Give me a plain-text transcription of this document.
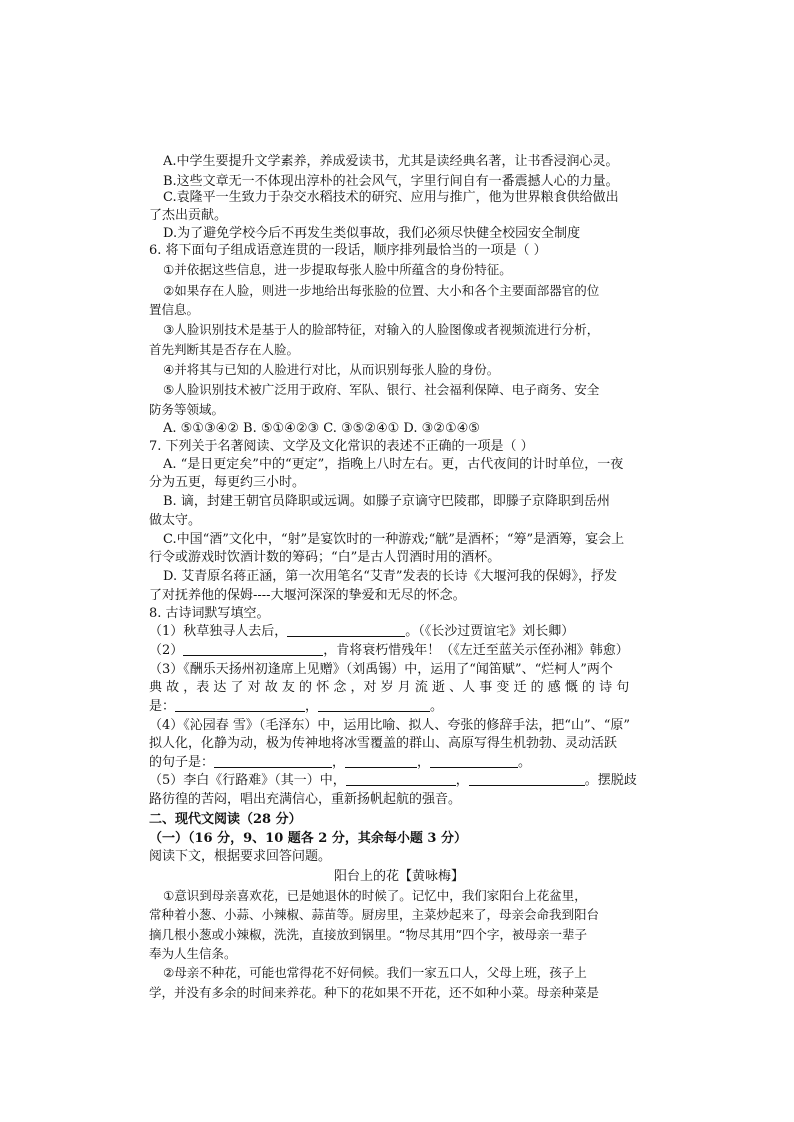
A.中学生要提升文学素养，养成爱读书，尤其是读经典名著，让书香浸润心灵。
B.这些文章无一不体现出淳朴的社会风气，字里行间自有一番震撼人心的力量。
C.袁隆平一生致力于杂交水稻技术的研究、应用与推广，他为世界粮食供给做出
了杰出贡献。
D.为了避免学校今后不再发生类似事故，我们必须尽快健全校园安全制度
6. 将下面句子组成语意连贯的一段话，顺序排列最恰当的一项是（ ）
①并依据这些信息，进一步提取每张人脸中所蕴含的身份特征。
②如果存在人脸，则进一步地给出每张脸的位置、大小和各个主要面部器官的位
置信息。
③人脸识别技术是基于人的脸部特征，对输入的人脸图像或者视频流进行分析，
首先判断其是否存在人脸。
④并将其与已知的人脸进行对比，从而识别每张人脸的身份。
⑤人脸识别技术被广泛用于政府、军队、银行、社会福利保障、电子商务、安全
防务等领域。
A. ⑤①③④② B. ⑤①④②③ C. ③⑤②④① D. ③②①④⑤
7. 下列关于名著阅读、文学及文化常识的表述不正确的一项是（ ）
A. “是日更定矣”中的“更定”，指晚上八时左右。更，古代夜间的计时单位，一夜
分为五更，每更约三小时。
B. 谪，封建王朝官员降职或远调。如滕子京谪守巴陵郡，即滕子京降职到岳州
做太守。
C.中国“酒”文化中，“射”是宴饮时的一种游戏;“觥”是酒杯；“筹”是酒筹，宴会上
行令或游戏时饮酒计数的筹码；“白”是古人罚酒时用的酒杯。
D. 艾青原名蒋正涵，第一次用笔名“艾青”发表的长诗《大堰河我的保姆》，抒发
了对抚养他的保姆----大堰河深深的挚爱和无尽的怀念。
8. 古诗词默写填空。
（1）秋草独寻人去后，	。（《长沙过贾谊宅》刘长卿）
（2）	，肯将衰朽惜残年！（《左迁至蓝关示侄孙湘》韩愈）
（3）《酬乐天扬州初逢席上见赠》（刘禹锡）中，运用了“闻笛赋”、“烂柯人”两个
典 故 ，表 达 了 对 故 友 的 怀 念 ，对 岁 月 流 逝 、人 事 变 迁 的 感 慨 的 诗 句
是：	，	。
（4）《沁园春 雪》（毛泽东）中，运用比喻、拟人、夸张的修辞手法，把“山”、“原”
拟人化，化静为动，极为传神地将冰雪覆盖的群山、高原写得生机勃勃、灵动活跃
的句子是：	，	，	。
（5）李白《行路难》（其一）中，	，	。摆脱歧
路彷徨的苦闷，唱出充满信心，重新扬帆起航的强音。
二、现代文阅读（28 分）
（一）（16 分，9、10 题各 2 分，其余每小题 3 分）
阅读下文，根据要求回答问题。
阳台上的花【黄咏梅】
①意识到母亲喜欢花，已是她退休的时候了。记忆中，我们家阳台上花盆里，
常种着小葱、小蒜、小辣椒、蒜苗等。厨房里，主菜炒起来了，母亲会命我到阳台
摘几根小葱或小辣椒，洗洗，直接放到锅里。“物尽其用”四个字，被母亲一辈子
奉为人生信条。
②母亲不种花，可能也常得花不好伺候。我们一家五口人，父母上班，孩子上
学，并没有多余的时间来养花。种下的花如果不开花，还不如种小菜。母亲种菜是
